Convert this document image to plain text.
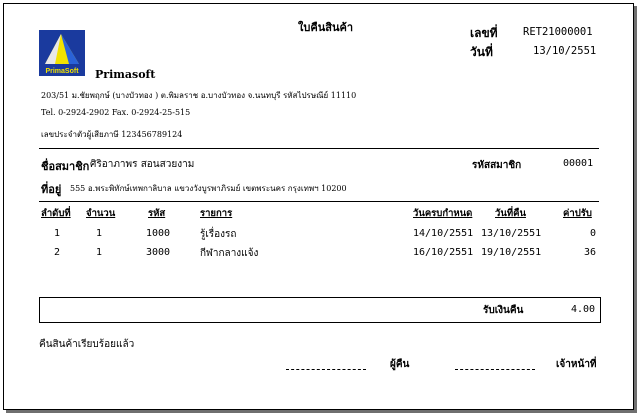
ใบคืนสินค้า	เลขที่ RET21000001
วันที่	13/10/2551
PrimaSoft Primasoft
203/51 ม.ชัยพฤกษ์ (บางบัวทอง ) ต.พิมลราช อ.บางบัวทอง จ.นนทบุรี รหัสไปรษณีย์ 11110
Tel. 0-2924-2902 Fax. 0-2924-25-515
เลขประจำตัวผู้เสียภาษี 123456789124
ชื่อสมาชิก ศิริอาภาพร สอนสวยงาม	รหัสสมาชิก	00001
ที่อยู่ 555 อ.พระพิทักษ์เทพกาลิบาล แขวงวังบูรพาภิรมย์ เขตพระนคร กรุงเทพฯ 10200
ลำดับที่ จำนวน	รหัส	รายการ	วันครบกำหนด วันที่คืน	ค่าปรับ
1	1	1000	รู้เรื่องรถ	14/10/2551 13/10/2551	0
2	1	3000	กีฬากลางแจ้ง	16/10/2551 19/10/2551	36
รับเงินคืน	4.00
คืนสินค้าเรียบร้อยแล้ว
ผู้คืน	เจ้าหน้าที่
